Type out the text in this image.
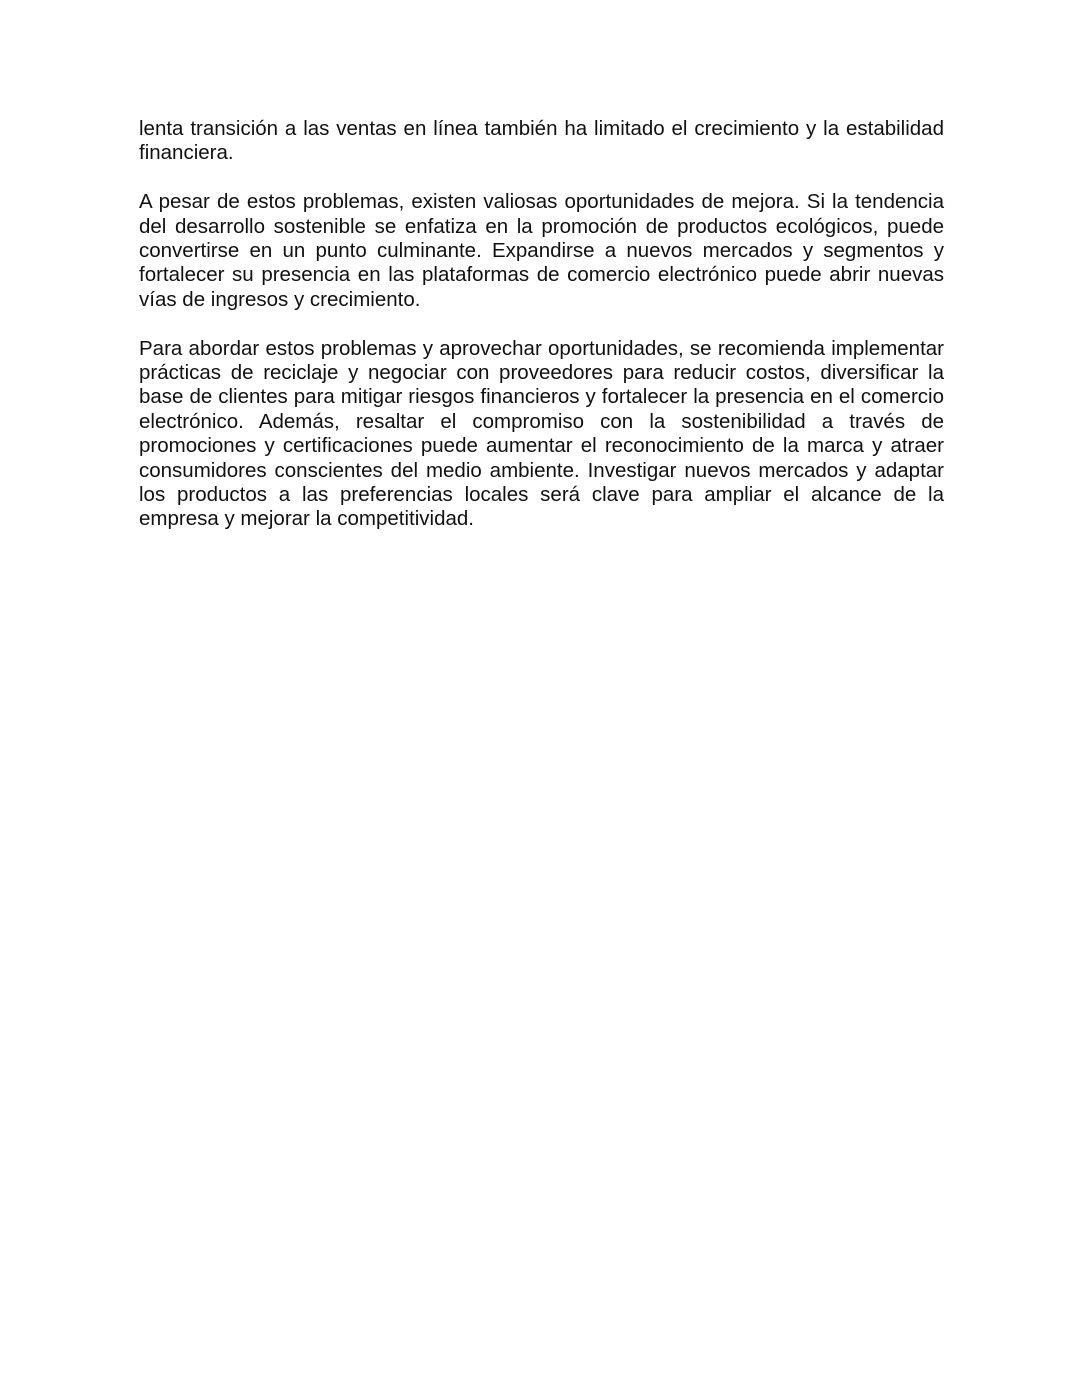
lenta transición a las ventas en línea también ha limitado el crecimiento y la estabilidad financiera.

A pesar de estos problemas, existen valiosas oportunidades de mejora. Si la tendencia del desarrollo sostenible se enfatiza en la promoción de productos ecológicos, puede convertirse en un punto culminante. Expandirse a nuevos mercados y segmentos y fortalecer su presencia en las plataformas de comercio electrónico puede abrir nuevas vías de ingresos y crecimiento.

Para abordar estos problemas y aprovechar oportunidades, se recomienda implementar prácticas de reciclaje y negociar con proveedores para reducir costos, diversificar la base de clientes para mitigar riesgos financieros y fortalecer la presencia en el comercio electrónico. Además, resaltar el compromiso con la sostenibilidad a través de promociones y certificaciones puede aumentar el reconocimiento de la marca y atraer consumidores conscientes del medio ambiente. Investigar nuevos mercados y adaptar los productos a las preferencias locales será clave para ampliar el alcance de la empresa y mejorar la competitividad.
